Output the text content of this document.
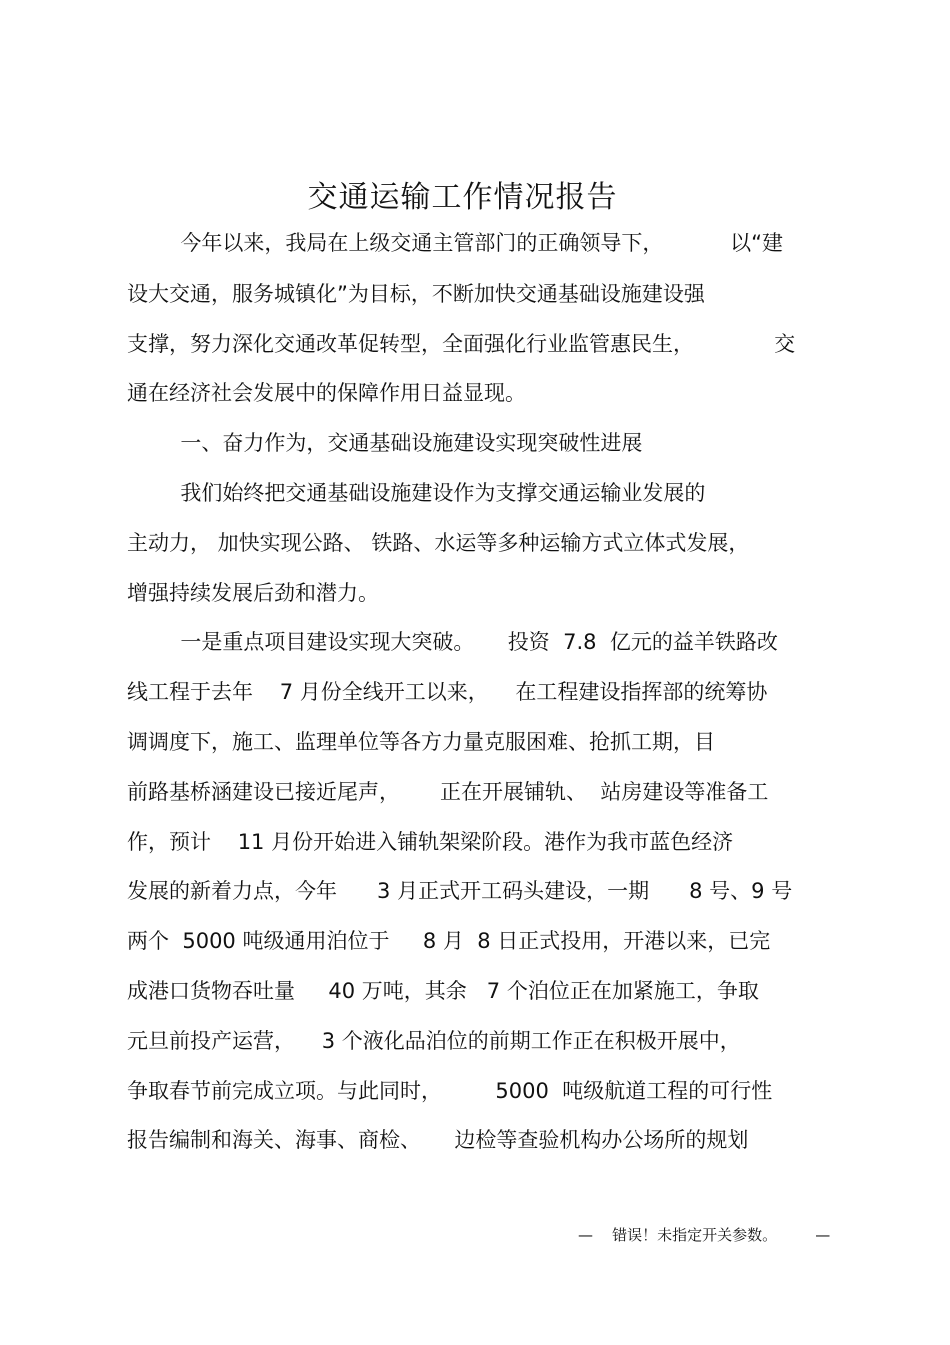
交通运输工作情况报告
今年以来，我局在上级交通主管部门的正确领导下，          以“建
设大交通，服务城镇化”为目标，不断加快交通基础设施建设强
支撑，努力深化交通改革促转型，全面强化行业监管惠民生，            交
通在经济社会发展中的保障作用日益显现。
一、奋力作为，交通基础设施建设实现突破性进展
我们始终把交通基础设施建设作为支撑交通运输业发展的
主动力， 加快实现公路、 铁路、水运等多种运输方式立体式发展，
增强持续发展后劲和潜力。
一是重点项目建设实现大突破。     投资  7.8  亿元的益羊铁路改
线工程于去年    7 月份全线开工以来，    在工程建设指挥部的统筹协
调调度下，施工、监理单位等各方力量克服困难、抢抓工期，目
前路基桥涵建设已接近尾声，      正在开展铺轨、  站房建设等准备工
作，预计    11 月份开始进入铺轨架梁阶段。港作为我市蓝色经济
发展的新着力点，今年      3 月正式开工码头建设，一期      8 号、9 号
两个  5000 吨级通用泊位于     8 月  8 日正式投用，开港以来，已完
成港口货物吞吐量     40 万吨，其余   7 个泊位正在加紧施工，争取
元旦前投产运营，    3 个液化品泊位的前期工作正在积极开展中，
争取春节前完成立项。与此同时，        5000  吨级航道工程的可行性
报告编制和海关、海事、商检、     边检等查验机构办公场所的规划
—    错误！未指定开关参数。        —
